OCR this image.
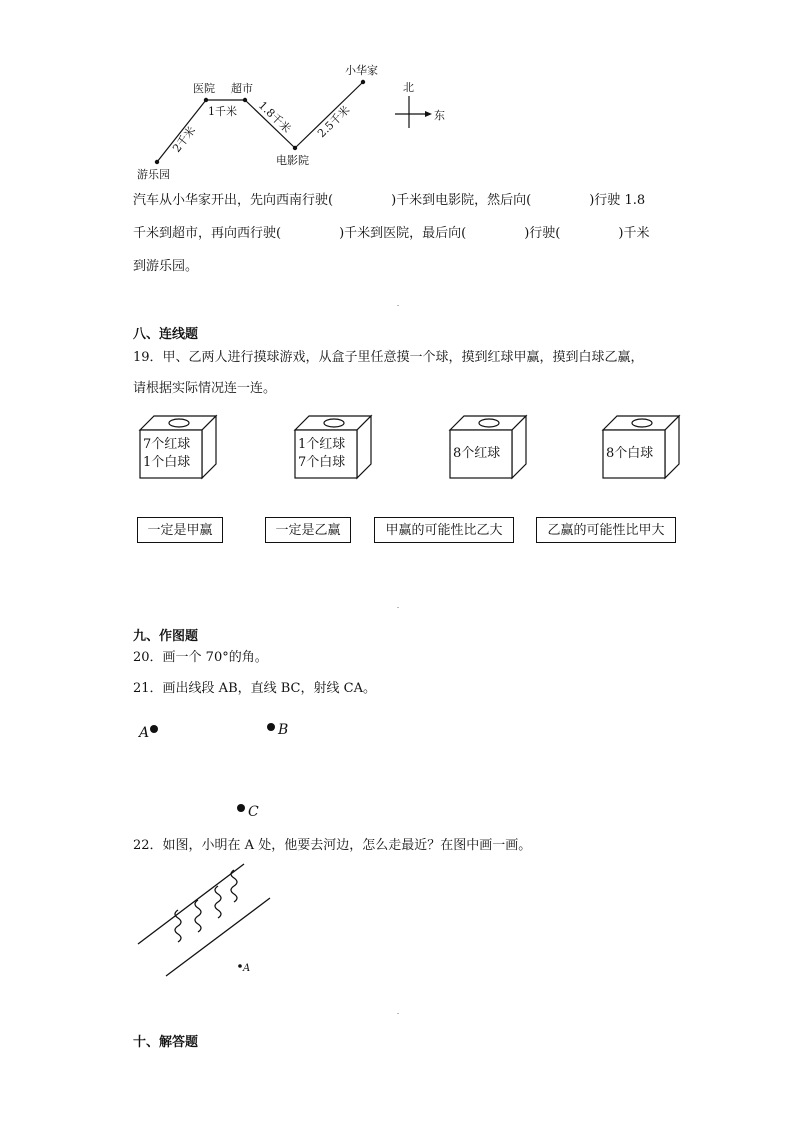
小华家
医院 超市
电影院
游乐园
1千米
2千米
1.8千米 2.5千米
北
东
汽车从小华家开出，先向西南行驶(	)千米到电影院，然后向(	)行驶 1.8
千米到超市，再向西行驶(	)千米到医院，最后向(	)行驶(	)千米
到游乐园。
八、连线题
19．甲、乙两人进行摸球游戏，从盒子里任意摸一个球，摸到红球甲赢，摸到白球乙赢，
请根据实际情况连一连。
7个红球
1个白球
1个红球
7个白球
8个红球	8个白球
一定是甲赢	一定是乙赢	甲赢的可能性比乙大	乙赢的可能性比甲大
九、作图题
20．画一个 70°的角。
21．画出线段 AB，直线 BC，射线 CA。
A	B
C
22．如图，小明在 A 处，他要去河边，怎么走最近？在图中画一画。
A
十、解答题
